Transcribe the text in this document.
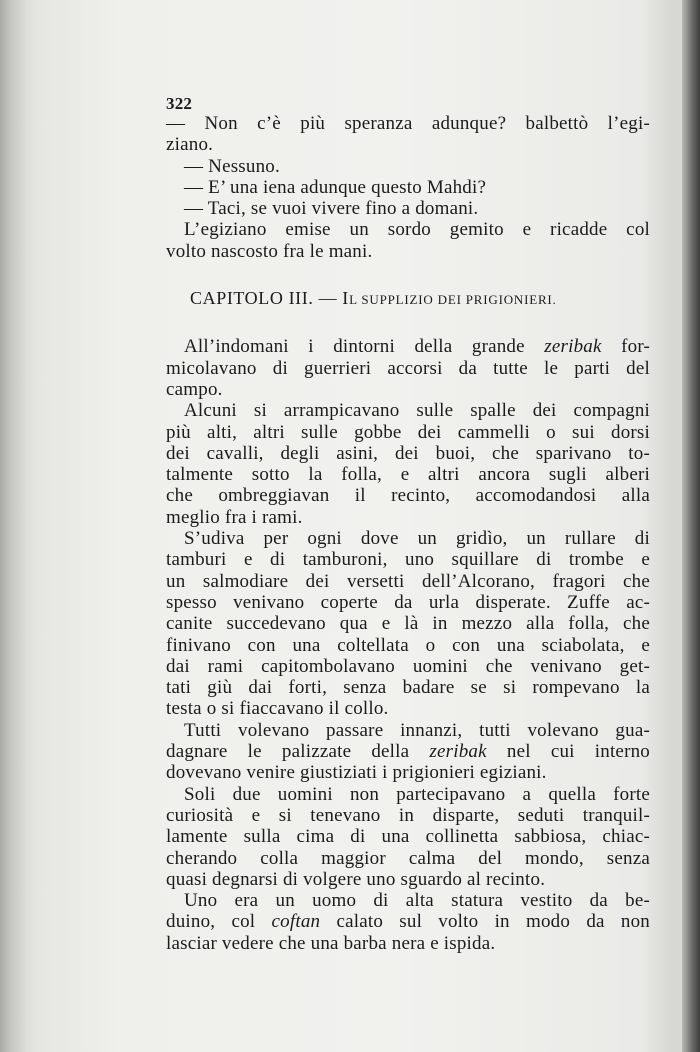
322
— Non c’è più speranza adunque? balbettò l’egi-
ziano.
— Nessuno.
— E’ una iena adunque questo Mahdi?
— Taci, se vuoi vivere fino a domani.
L’egiziano emise un sordo gemito e ricadde col
volto nascosto fra le mani.
CAPITOLO III. — IL SUPPLIZIO DEI PRIGIONIERI.
All’indomani i dintorni della grande zeribak for-
micolavano di guerrieri accorsi da tutte le parti del
campo.
Alcuni si arrampicavano sulle spalle dei compagni
più alti, altri sulle gobbe dei cammelli o sui dorsi
dei cavalli, degli asini, dei buoi, che sparivano to-
talmente sotto la folla, e altri ancora sugli alberi
che ombreggiavan il recinto, accomodandosi alla
meglio fra i rami.
S’udiva per ogni dove un gridìo, un rullare di
tamburi e di tamburoni, uno squillare di trombe e
un salmodiare dei versetti dell’Alcorano, fragori che
spesso venivano coperte da urla disperate. Zuffe ac-
canite succedevano qua e là in mezzo alla folla, che
finivano con una coltellata o con una sciabolata, e
dai rami capitombolavano uomini che venivano get-
tati giù dai forti, senza badare se si rompevano la
testa o si fiaccavano il collo.
Tutti volevano passare innanzi, tutti volevano gua-
dagnare le palizzate della zeribak nel cui interno
dovevano venire giustiziati i prigionieri egiziani.
Soli due uomini non partecipavano a quella forte
curiosità e si tenevano in disparte, seduti tranquil-
lamente sulla cima di una collinetta sabbiosa, chiac-
cherando colla maggior calma del mondo, senza
quasi degnarsi di volgere uno sguardo al recinto.
Uno era un uomo di alta statura vestito da be-
duino, col coftan calato sul volto in modo da non
lasciar vedere che una barba nera e ispida.
